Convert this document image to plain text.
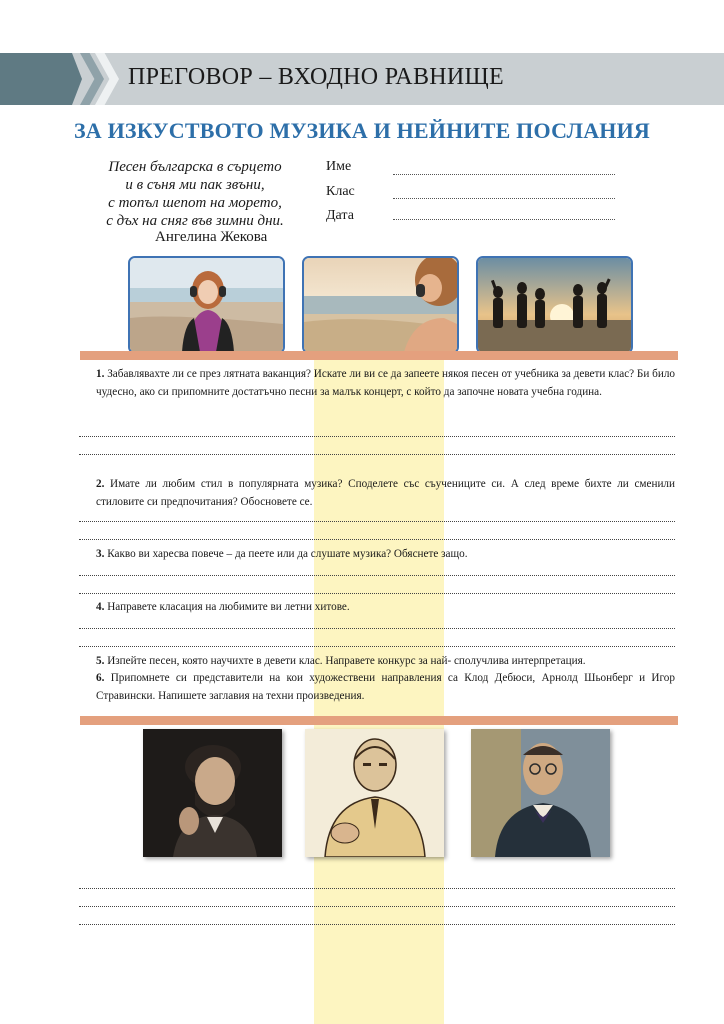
ПРЕГОВОР – ВХОДНО РАВНИЩЕ
ЗА ИЗКУСТВОТО МУЗИКА И НЕЙНИТЕ ПОСЛАНИЯ
Песен българска в сърцето
и в съня ми пак звъни,
с топъл шепот на морето,
с дъх на сняг във зимни дни.
Ангелина Жекова
Име
Клас
Дата
1. Забавлявахте ли се през лятната ваканция? Искате ли ви се да запеете някоя песен от учебника за девети клас? Би било чудесно, ако си припомните достатъчно песни за малък концерт, с който да започне новата учебна година.
2. Имате ли любим стил в популярната музика? Споделете със съучениците си. А след време бихте ли сменили стиловите си предпочитания? Обосновете се.
3. Какво ви харесва повече – да пеете или да слушате музика? Обяснете защо.
4. Направете класация на любимите ви летни хитове.
5. Изпейте песен, която научихте в девети клас. Направете конкурс за най- сполучлива интерпретация.
6. Припомнете си представители на кои художествени направления са Клод Дебюси, Арнолд Шьонберг и Игор Стравински. Напишете заглавия на техни произведения.
